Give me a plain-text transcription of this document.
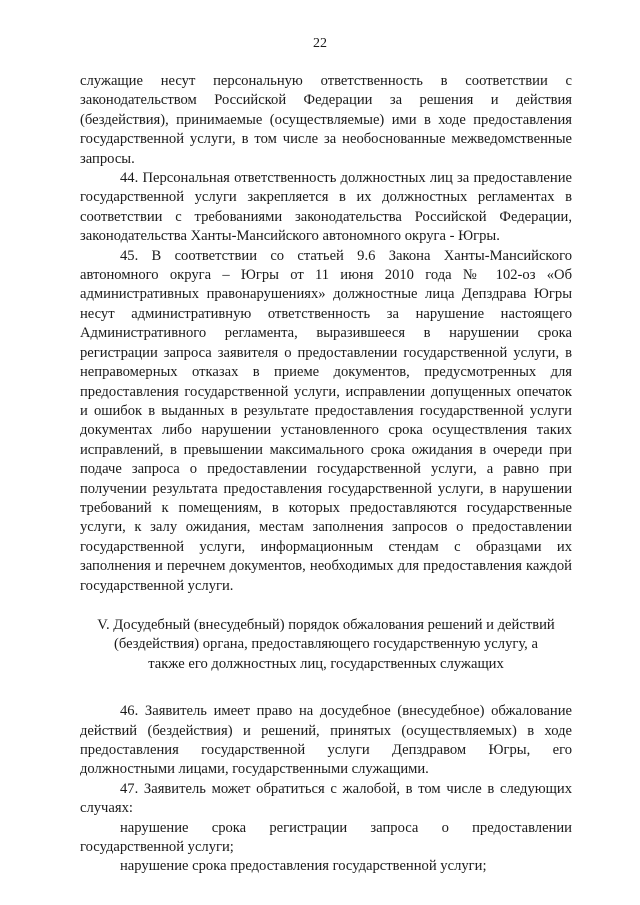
22

служащие несут персональную ответственность в соответствии с законодательством Российской Федерации за решения и действия (бездействия), принимаемые (осуществляемые) ими в ходе предоставления государственной услуги, в том числе за необоснованные межведомственные запросы.

44. Персональная ответственность должностных лиц за предоставление государственной услуги закрепляется в их должностных регламентах в соответствии с требованиями законодательства Российской Федерации, законодательства Ханты-Мансийского автономного округа - Югры.

45. В соответствии со статьей 9.6 Закона Ханты-Мансийского автономного округа – Югры от 11 июня 2010 года № 102-оз «Об административных правонарушениях» должностные лица Депздрава Югры несут административную ответственность за нарушение настоящего Административного регламента, выразившееся в нарушении срока регистрации запроса заявителя о предоставлении государственной услуги, в неправомерных отказах в приеме документов, предусмотренных для предоставления государственной услуги, исправлении допущенных опечаток и ошибок в выданных в результате предоставления государственной услуги документах либо нарушении установленного срока осуществления таких исправлений, в превышении максимального срока ожидания в очереди при подаче запроса о предоставлении государственной услуги, а равно при получении результата предоставления государственной услуги, в нарушении требований к помещениям, в которых предоставляются государственные услуги, к залу ожидания, местам заполнения запросов о предоставлении государственной услуги, информационным стендам с образцами их заполнения и перечнем документов, необходимых для предоставления каждой государственной услуги.

V. Досудебный (внесудебный) порядок обжалования решений и действий (бездействия) органа, предоставляющего государственную услугу, а также его должностных лиц, государственных служащих

46. Заявитель имеет право на досудебное (внесудебное) обжалование действий (бездействия) и решений, принятых (осуществляемых) в ходе предоставления государственной услуги Депздравом Югры, его должностными лицами, государственными служащими.

47. Заявитель может обратиться с жалобой, в том числе в следующих случаях:

нарушение срока регистрации запроса о предоставлении государственной услуги;

нарушение срока предоставления государственной услуги;
